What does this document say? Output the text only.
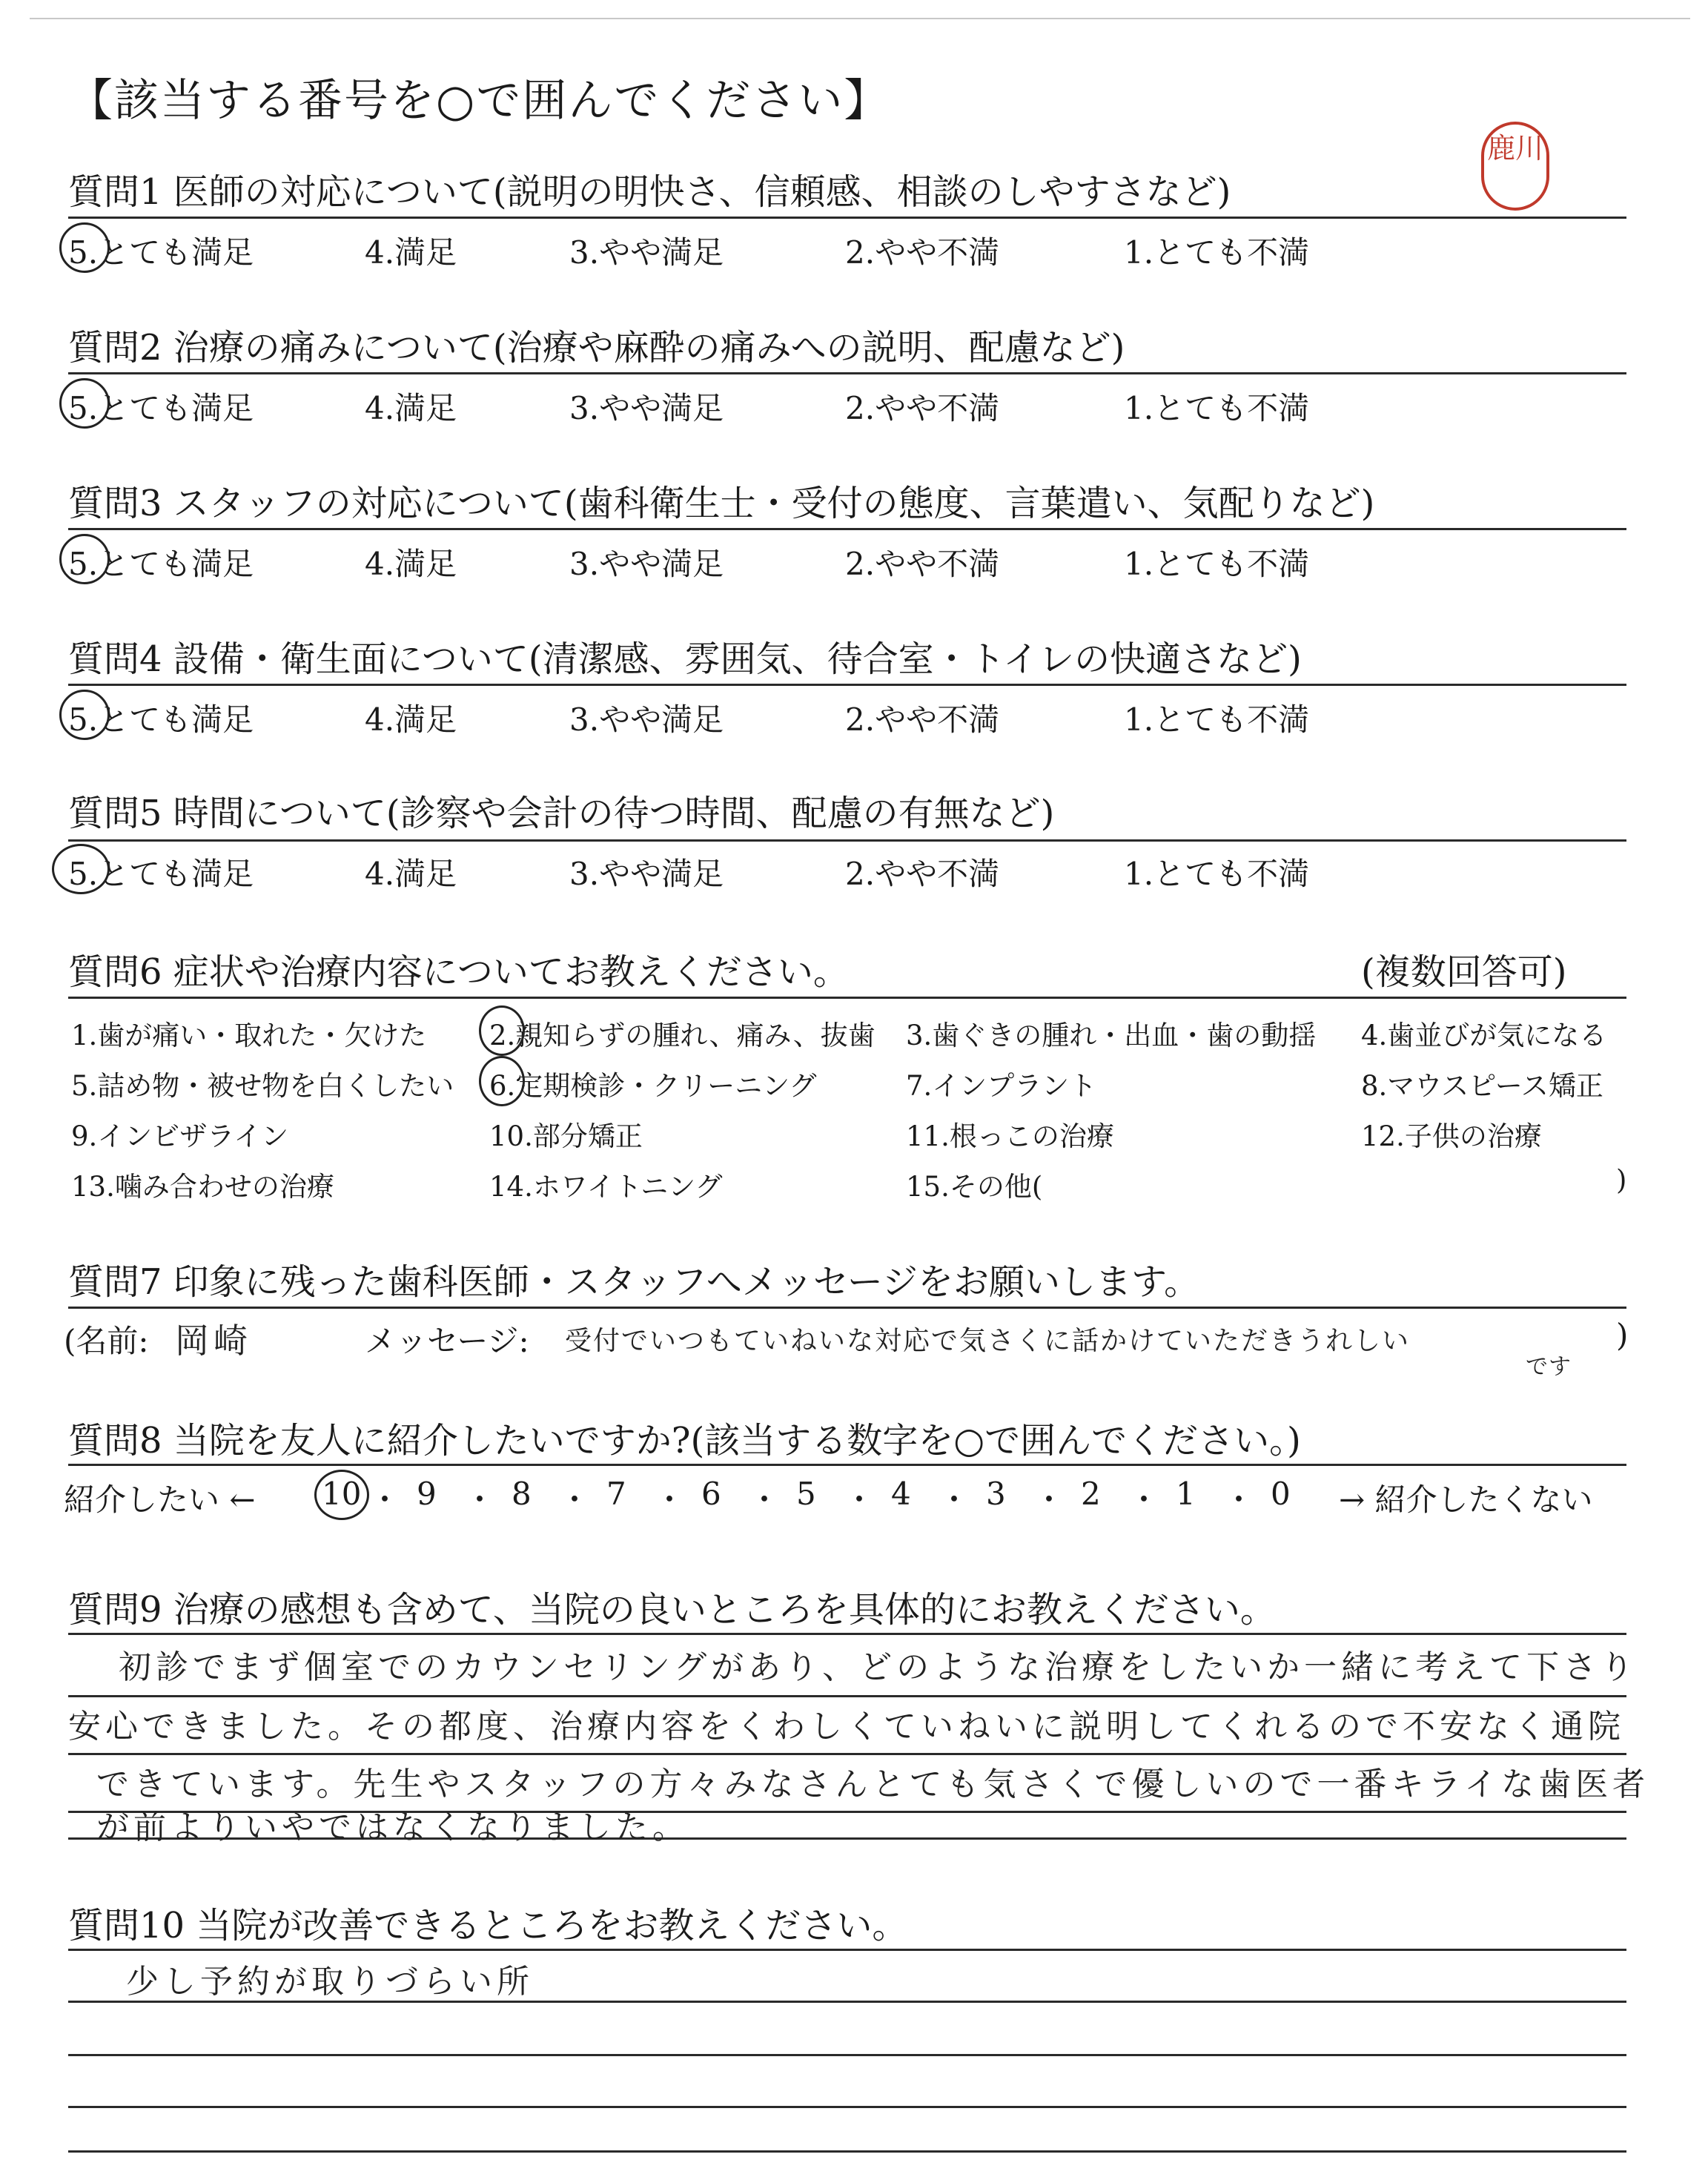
【該当する番号を○で囲んでください】
鹿川
質問1 医師の対応について(説明の明快さ、信頼感、相談のしやすさなど)
質問2 治療の痛みについて(治療や麻酔の痛みへの説明、配慮など)
質問3 スタッフの対応について(歯科衛生士・受付の態度、言葉遣い、気配りなど)
質問4 設備・衛生面について(清潔感、雰囲気、待合室・トイレの快適さなど)
質問5 時間について(診察や会計の待つ時間、配慮の有無など)
5.とても満足	4.満足	3.やや満足	2.やや不満	1.とても不満
5.とても満足	4.満足	3.やや満足	2.やや不満	1.とても不満
5.とても満足	4.満足	3.やや満足	2.やや不満	1.とても不満
5.とても満足	4.満足	3.やや満足	2.やや不満	1.とても不満
5.とても満足	4.満足	3.やや満足	2.やや不満	1.とても不満
質問6 症状や治療内容についてお教えください。	(複数回答可)
1.歯が痛い・取れた・欠けた 2.親知らずの腫れ、痛み、抜歯 3.歯ぐきの腫れ・出血・歯の動揺 4.歯並びが気になる
5.詰め物・被せ物を白くしたい 6.定期検診・クリーニング	7.インプラント	8.マウスピース矯正
9.インビザライン	10.部分矯正	11.根っこの治療	12.子供の治療
13.噛み合わせの治療	14.ホワイトニング	15.その他(	)
質問7 印象に残った歯科医師・スタッフへメッセージをお願いします。
(名前: 岡崎	メッセージ: 受付でいつもていねいな対応で気さくに話かけていただきうれしい
です
)
質問8 当院を友人に紹介したいですか?(該当する数字を○で囲んでください。)
紹介したい ←	→ 紹介したくない
10 ・ 9 ・ 8 ・ 7 ・ 6 ・ 5 ・ 4 ・ 3 ・ 2 ・ 1 ・ 0
質問9 治療の感想も含めて、当院の良いところを具体的にお教えください。
初診でまず個室でのカウンセリングがあり、どのような治療をしたいか一緒に考えて下さり
安心できました。その都度、治療内容をくわしくていねいに説明してくれるので不安なく通院
できています。先生やスタッフの方々みなさんとても気さくで優しいので一番キライな歯医者
が前よりいやではなくなりました。
質問10 当院が改善できるところをお教えください。
少し予約が取りづらい所
